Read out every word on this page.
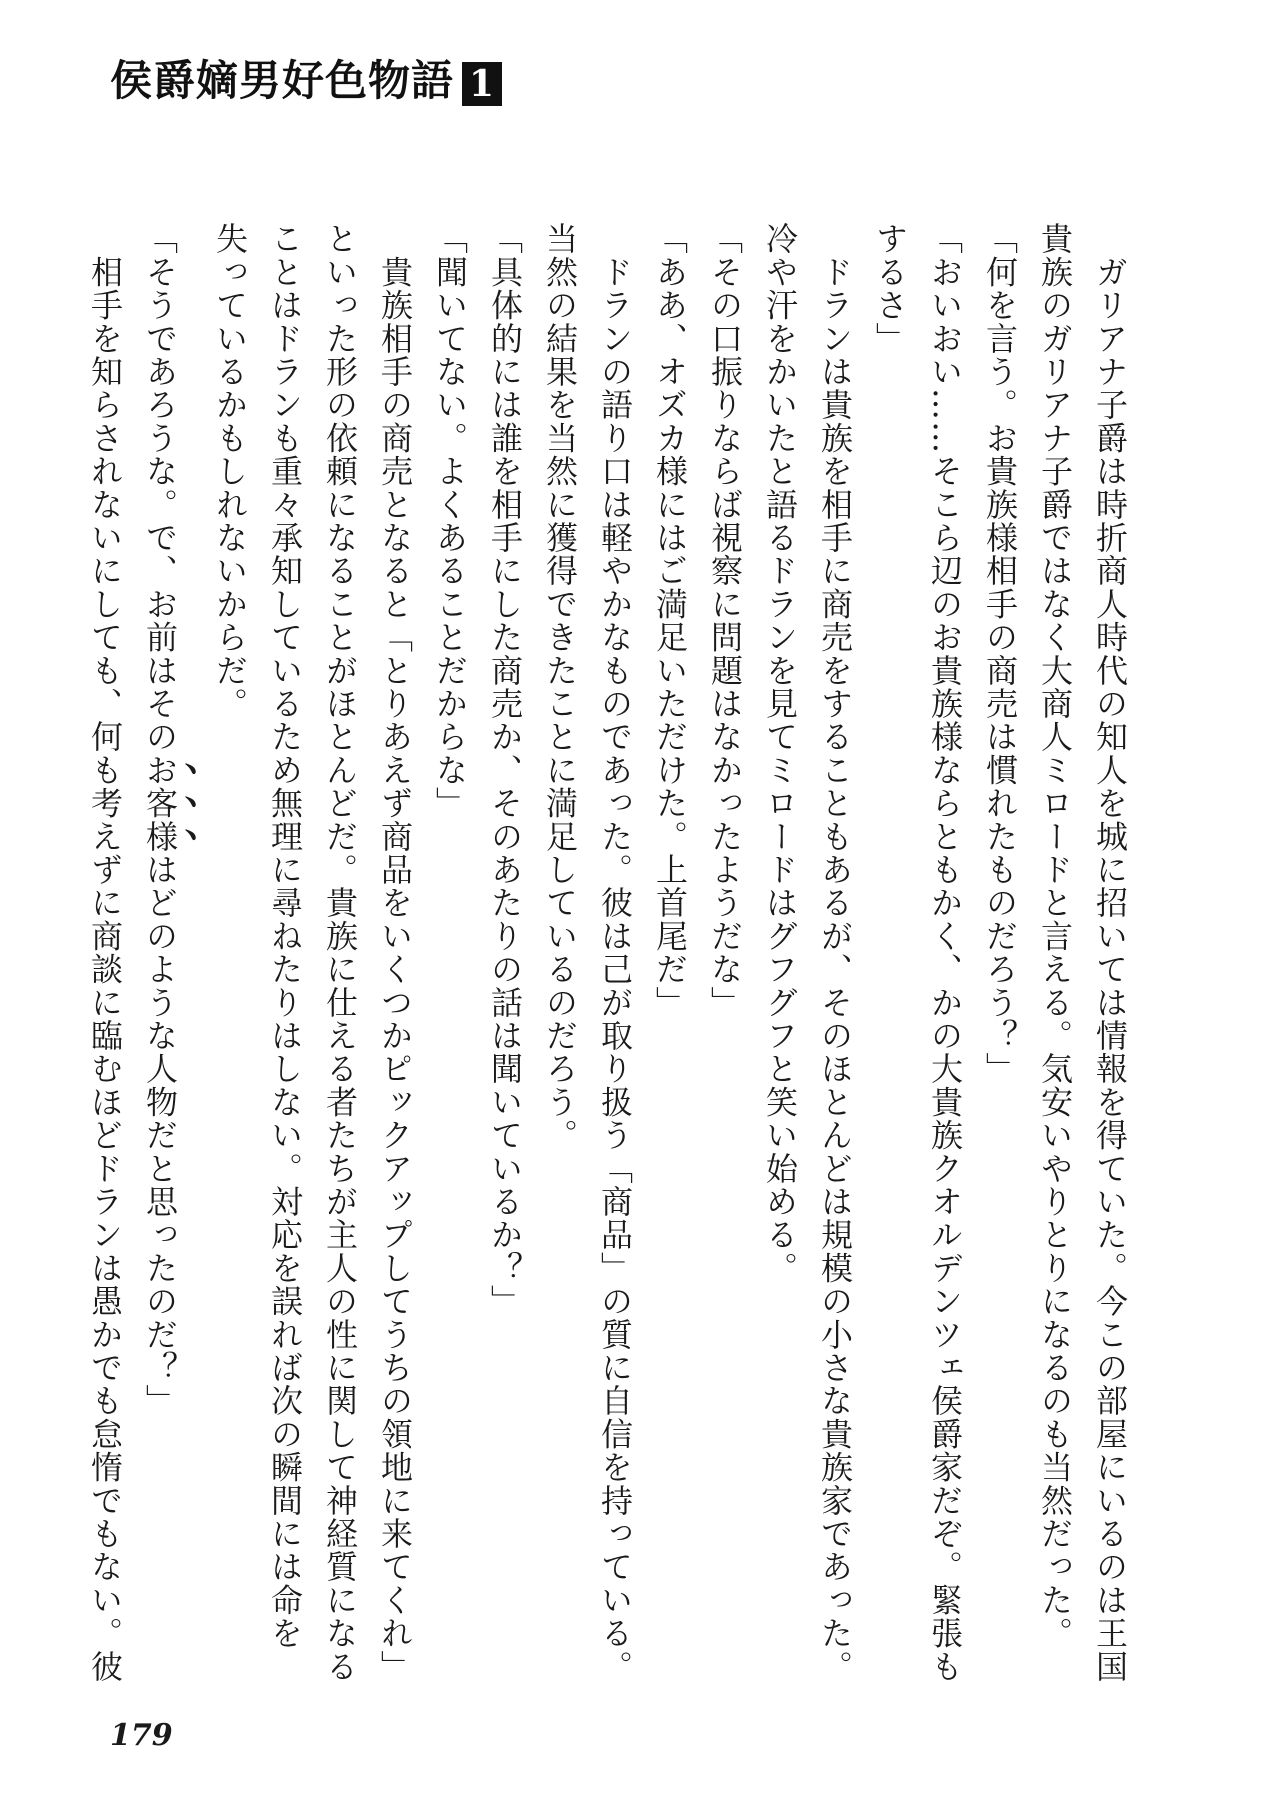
侯爵嫡男好色物語 1
　ガリアナ子爵は時折商人時代の知人を城に招いては情報を得ていた。今この部屋にいるのは王国
貴族のガリアナ子爵ではなく大商人ミロードと言える。気安いやりとりになるのも当然だった。
「何を言う。お貴族様相手の商売は慣れたものだろう？」
「おいおい……そこら辺のお貴族様ならともかく、かの大貴族クオルデンツェ侯爵家だぞ。緊張も
するさ」
　ドランは貴族を相手に商売をすることもあるが、そのほとんどは規模の小さな貴族家であった。
冷や汗をかいたと語るドランを見てミロードはグフグフと笑い始める。
「その口振りならば視察に問題はなかったようだな」
「ああ、オズカ様にはご満足いただけた。上首尾だ」
　ドランの語り口は軽やかなものであった。彼は己が取り扱う「商品」の質に自信を持っている。
当然の結果を当然に獲得できたことに満足しているのだろう。
「具体的には誰を相手にした商売か、そのあたりの話は聞いているか？」
「聞いてない。よくあることだからな」
　貴族相手の商売となると「とりあえず商品をいくつかピックアップしてうちの領地に来てくれ」
といった形の依頼になることがほとんどだ。貴族に仕える者たちが主人の性に関して神経質になる
ことはドランも重々承知しているため無理に尋ねたりはしない。対応を誤れば次の瞬間には命を
失っているかもしれないからだ。
「そうであろうな。で、お前はそのお客様はどのような人物だと思ったのだ？」
　相手を知らされないにしても、何も考えずに商談に臨むほどドランは愚かでも怠惰でもない。彼
179
